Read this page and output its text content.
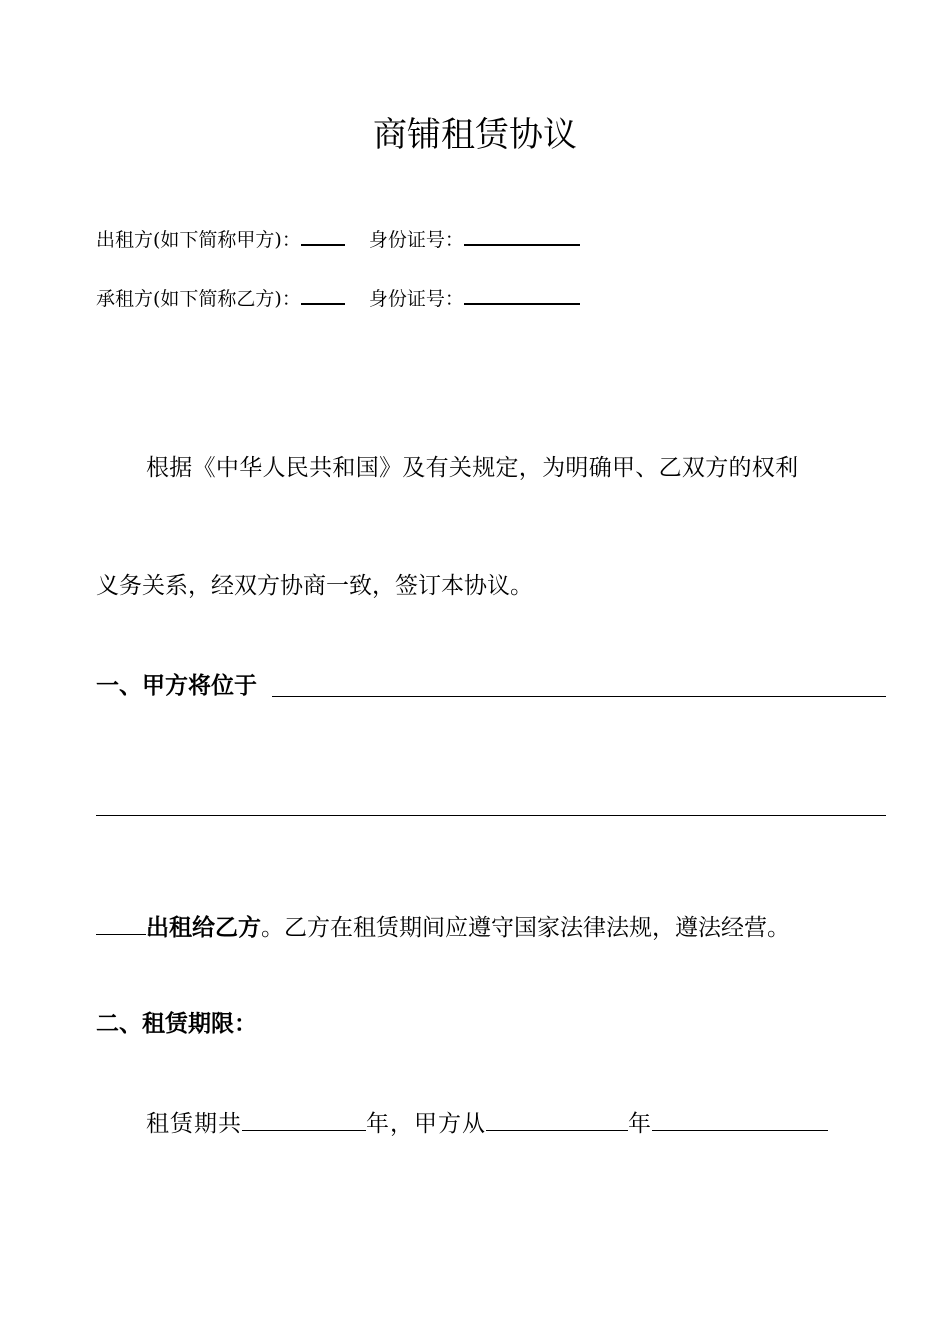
商铺租赁协议
出租方(如下简称甲方)：	身份证号：
承租方(如下简称乙方)：	身份证号：
根据《中华人民共和国》及有关规定，为明确甲、乙双方的权利
义务关系，经双方协商一致，签订本协议。
一、甲方将位于
出租给乙方。乙方在租赁期间应遵守国家法律法规，遵法经营。
二、租赁期限：
租赁期共	年，甲方从	年
